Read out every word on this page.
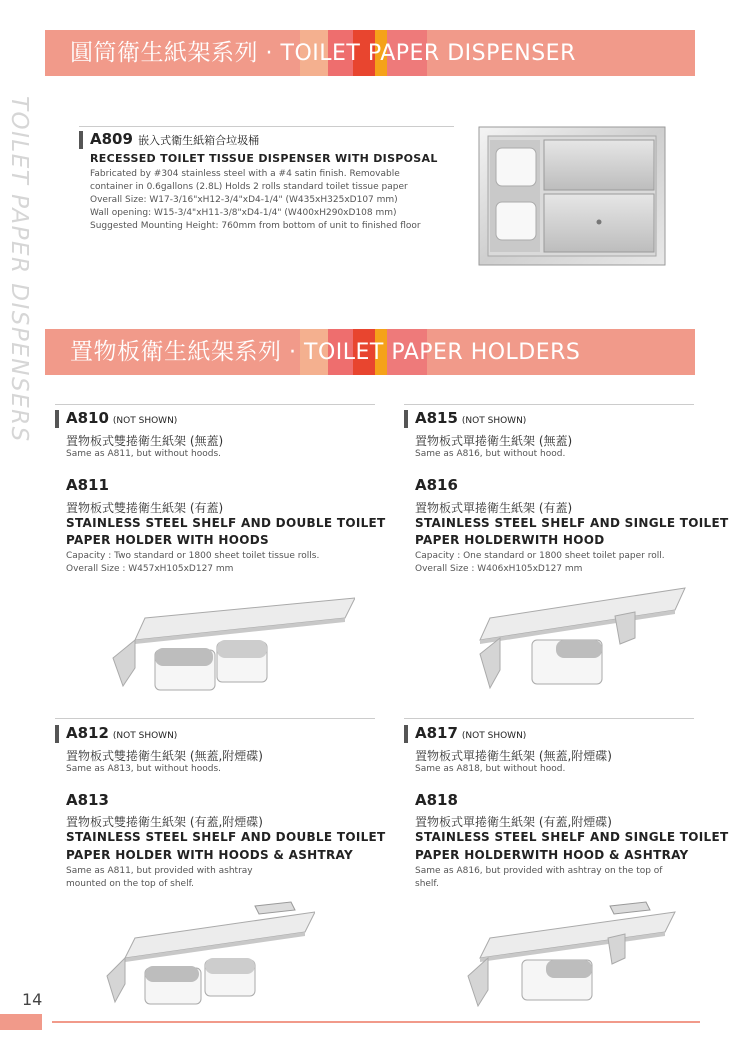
TOILET PAPER DISPENSERS
圓筒衛生紙架系列 · TOILET PAPER DISPENSER
A809 嵌入式衛生紙箱合垃圾桶
RECESSED TOILET TISSUE DISPENSER WITH DISPOSAL
Fabricated by #304 stainless steel with a #4 satin finish. Removable
container in 0.6gallons (2.8L) Holds 2 rolls standard toilet tissue paper
Overall Size: W17-3/16"xH12-3/4"xD4-1/4" (W435xH325xD107 mm)
Wall opening: W15-3/4"xH11-3/8"xD4-1/4" (W400xH290xD108 mm)
Suggested Mounting Height: 760mm from bottom of unit to finished floor
置物板衛生紙架系列 · TOILET PAPER HOLDERS
A810 (NOT SHOWN)
置物板式雙捲衛生紙架 (無蓋)
Same as A811, but without hoods.
A811
置物板式雙捲衛生紙架 (有蓋)
STAINLESS STEEL SHELF AND DOUBLE TOILET
PAPER HOLDER WITH HOODS
Capacity : Two standard or 1800 sheet toilet tissue rolls.
Overall Size : W457xH105xD127 mm
A812 (NOT SHOWN)
置物板式雙捲衛生紙架 (無蓋,附煙碟)
Same as A813, but without hoods.
A813
置物板式雙捲衛生紙架 (有蓋,附煙碟)
STAINLESS STEEL SHELF AND DOUBLE TOILET
PAPER HOLDER WITH HOODS & ASHTRAY
Same as A811, but provided with ashtray
mounted on the top of shelf.
A815 (NOT SHOWN)
置物板式單捲衛生紙架 (無蓋)
Same as A816, but without hood.
A816
置物板式單捲衛生紙架 (有蓋)
STAINLESS STEEL SHELF AND SINGLE TOILET
PAPER HOLDERWITH HOOD
Capacity : One standard or 1800 sheet toilet paper roll.
Overall Size : W406xH105xD127 mm
A817 (NOT SHOWN)
置物板式單捲衛生紙架 (無蓋,附煙碟)
Same as A818, but without hood.
A818
置物板式單捲衛生紙架 (有蓋,附煙碟)
STAINLESS STEEL SHELF AND SINGLE TOILET
PAPER HOLDERWITH HOOD & ASHTRAY
Same as A816, but provided with ashtray on the top of
shelf.
14
